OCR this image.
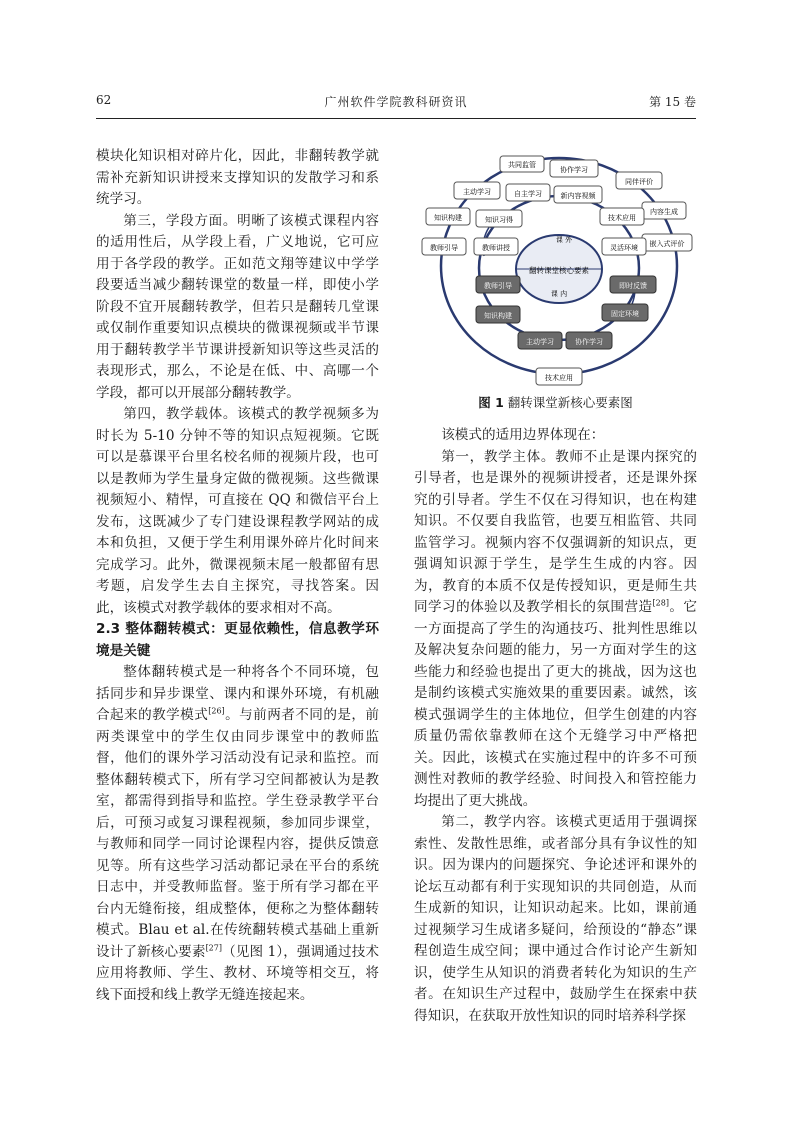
62	广州软件学院教科研资讯	第 15 卷

模块化知识相对碎片化，因此，非翻转教学就需补充新知识讲授来支撑知识的发散学习和系统学习。

第三，学段方面。明晰了该模式课程内容的适用性后，从学段上看，广义地说，它可应用于各学段的教学。正如范文翔等建议中学学段要适当减少翻转课堂的数量一样，即使小学阶段不宜开展翻转教学，但若只是翻转几堂课或仅制作重要知识点模块的微课视频或半节课用于翻转教学半节课讲授新知识等这些灵活的表现形式，那么，不论是在低、中、高哪一个学段，都可以开展部分翻转教学。

第四，教学载体。该模式的教学视频多为时长为 5-10 分钟不等的知识点短视频。它既可以是慕课平台里名校名师的视频片段，也可以是教师为学生量身定做的微视频。这些微课视频短小、精悍，可直接在 QQ 和微信平台上发布，这既减少了专门建设课程教学网站的成本和负担，又便于学生利用课外碎片化时间来完成学习。此外，微课视频末尾一般都留有思考题，启发学生去自主探究，寻找答案。因此，该模式对教学载体的要求相对不高。

2.3 整体翻转模式：更显依赖性，信息教学环境是关键

整体翻转模式是一种将各个不同环境，包括同步和异步课堂、课内和课外环境，有机融合起来的教学模式[26]。与前两者不同的是，前两类课堂中的学生仅由同步课堂中的教师监督，他们的课外学习活动没有记录和监控。而整体翻转模式下，所有学习空间都被认为是教室，都需得到指导和监控。学生登录教学平台后，可预习或复习课程视频，参加同步课堂，与教师和同学一同讨论课程内容，提供反馈意见等。所有这些学习活动都记录在平台的系统日志中，并受教师监督。鉴于所有学习都在平台内无缝衔接，组成整体，便称之为整体翻转模式。Blau et al.在传统翻转模式基础上重新设计了新核心要素[27]（见图 1），强调通过技术应用将教师、学生、教材、环境等相交互，将线下面授和线上教学无缝连接起来。

翻转课堂核心要素
课 外
课 内
共同监管
协作学习
主动学习
同伴评价
知识构建
内容生成
教师引导	嵌入式评价
自主学习	新内容视频
知识习得	技术应用
教师讲授	灵活环境
教师引导	即时反馈
知识构建	固定环境
主动学习	协作学习
技术应用
图 1 翻转课堂新核心要素图

该模式的适用边界体现在：

第一，教学主体。教师不止是课内探究的引导者，也是课外的视频讲授者，还是课外探究的引导者。学生不仅在习得知识，也在构建知识。不仅要自我监管，也要互相监管、共同监管学习。视频内容不仅强调新的知识点，更强调知识源于学生，是学生生成的内容。因为，教育的本质不仅是传授知识，更是师生共同学习的体验以及教学相长的氛围营造[28]。它一方面提高了学生的沟通技巧、批判性思维以及解决复杂问题的能力，另一方面对学生的这些能力和经验也提出了更大的挑战，因为这也是制约该模式实施效果的重要因素。诚然，该模式强调学生的主体地位，但学生创建的内容质量仍需依靠教师在这个无缝学习中严格把关。因此，该模式在实施过程中的许多不可预测性对教师的教学经验、时间投入和管控能力均提出了更大挑战。

第二，教学内容。该模式更适用于强调探索性、发散性思维，或者部分具有争议性的知识。因为课内的问题探究、争论述评和课外的论坛互动都有利于实现知识的共同创造，从而生成新的知识，让知识动起来。比如，课前通过视频学习生成诸多疑问，给预设的“静态”课程创造生成空间；课中通过合作讨论产生新知识，使学生从知识的消费者转化为知识的生产者。在知识生产过程中，鼓励学生在探索中获得知识，在获取开放性知识的同时培养科学探
